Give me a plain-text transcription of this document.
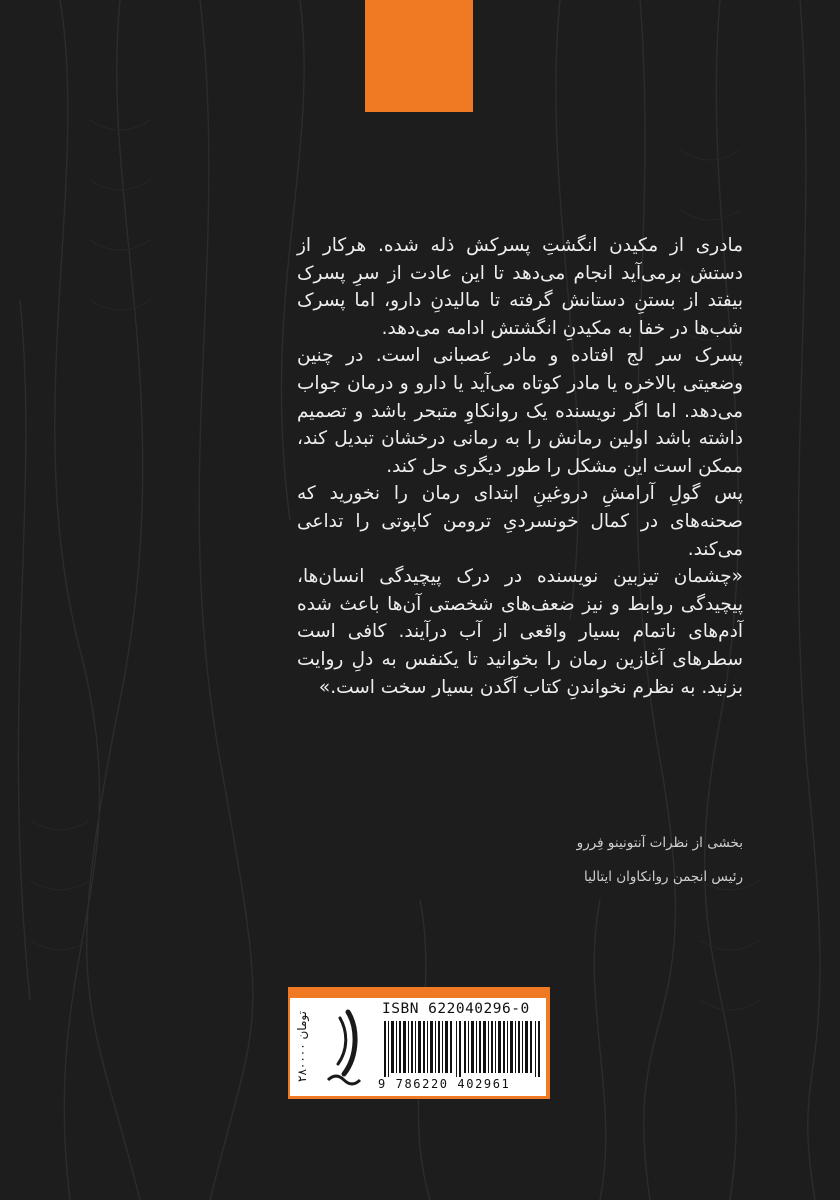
مادری از مکیدن انگشتِ پسرکش ذله شده. هرکار از دستش برمی‌آید انجام می‌دهد تا این عادت از سرِ پسرک بیفتد از بستنِ دستانش گرفته تا مالیدنِ دارو، اما پسرک شب‌ها در خفا به مکیدنِ انگشتش ادامه می‌دهد.

پسرک سر لج افتاده و مادر عصبانی است. در چنین وضعیتی بالاخره یا مادر کوتاه می‌آید یا دارو و درمان جواب می‌دهد. اما اگر نویسنده یک روانکاوِ متبحر باشد و تصمیم داشته باشد اولین رمانش را به رمانی درخشان تبدیل کند، ممکن است این مشکل را طور دیگری حل کند.

پس گولِ آرامشِ دروغینِ ابتدای رمان را نخورید که صحنه‌های در کمال خونسردیِ ترومن کاپوتی را تداعی می‌کند.

«چشمان تیزبین نویسنده در درک پیچیدگی انسان‌ها، پیچیدگی روابط و نیز ضعف‌های شخصتی آن‌ها باعث شده آدم‌های ناتمام بسیار واقعی از آب درآیند. کافی است سطرهای آغازین رمان را بخوانید تا یکنفس به دلِ روایت بزنید. به نظرم نخواندنِ کتاب آگدن بسیار سخت است.»

بخشی از نظرات آنتونینو فِررو

رئیس انجمن روانکاوان ایتالیا

۲۸۰۰۰۰ تومان
ISBN 622040296-0
9 786220 402961
